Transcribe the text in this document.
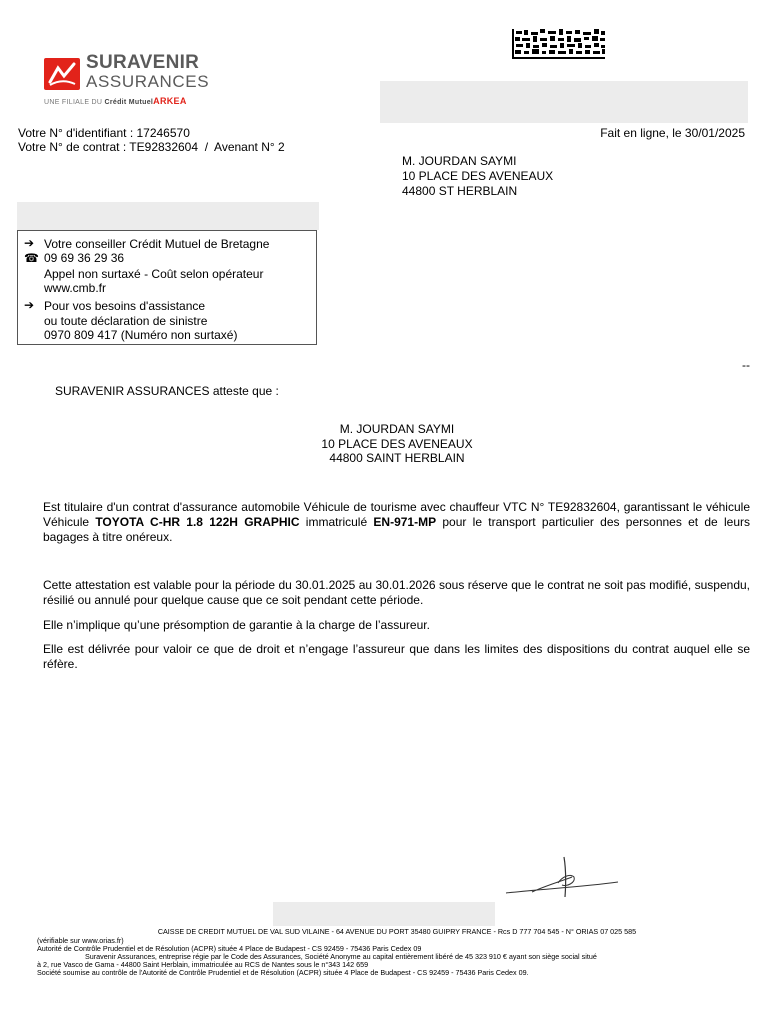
SURAVENIR
ASSURANCES
UNE FILIALE DU Crédit MutuelARKEA
Votre N° d'identifiant : 17246570
Votre N° de contrat : TE92832604  /  Avenant N° 2
Fait en ligne, le 30/01/2025
M. JOURDAN SAYMI
10 PLACE DES AVENEAUX
44800 ST HERBLAIN
➔ Votre conseiller Crédit Mutuel de Bretagne
☎ 09 69 36 29 36
Appel non surtaxé - Coût selon opérateur
www.cmb.fr
➔ Pour vos besoins d'assistance
ou toute déclaration de sinistre
0970 809 417 (Numéro non surtaxé)
--
SURAVENIR ASSURANCES atteste que :
M. JOURDAN SAYMI
10 PLACE DES AVENEAUX
44800 SAINT HERBLAIN
Est titulaire d'un contrat d'assurance automobile Véhicule de tourisme avec chauffeur VTC N° TE92832604, garantissant le véhicule Véhicule TOYOTA C-HR 1.8 122H GRAPHIC immatriculé EN-971-MP pour le transport particulier des personnes et de leurs bagages à titre onéreux.
Cette attestation est valable pour la période du 30.01.2025 au 30.01.2026 sous réserve que le contrat ne soit pas modifié, suspendu, résilié ou annulé pour quelque cause que ce soit pendant cette période.
Elle n’implique qu’une présomption de garantie à la charge de l’assureur.
Elle est délivrée pour valoir ce que de droit et n’engage l’assureur que dans les limites des dispositions du contrat auquel elle se réfère.
CAISSE DE CREDIT MUTUEL DE VAL SUD VILAINE - 64 AVENUE DU PORT 35480 GUIPRY FRANCE - Rcs D 777 704 545 - N° ORIAS 07 025 585
(vérifiable sur www.orias.fr)
Autorité de Contrôle Prudentiel et de Résolution (ACPR) située 4 Place de Budapest - CS 92459 - 75436 Paris Cedex 09
Suravenir Assurances, entreprise régie par le Code des Assurances, Société Anonyme au capital entièrement libéré de 45 323 910 € ayant son siège social situé
à 2, rue Vasco de Gama - 44800 Saint Herblain, immatriculée au RCS de Nantes sous le n°343 142 659
Société soumise au contrôle de l'Autorité de Contrôle Prudentiel et de Résolution (ACPR) située 4 Place de Budapest - CS 92459 - 75436 Paris Cedex 09.
